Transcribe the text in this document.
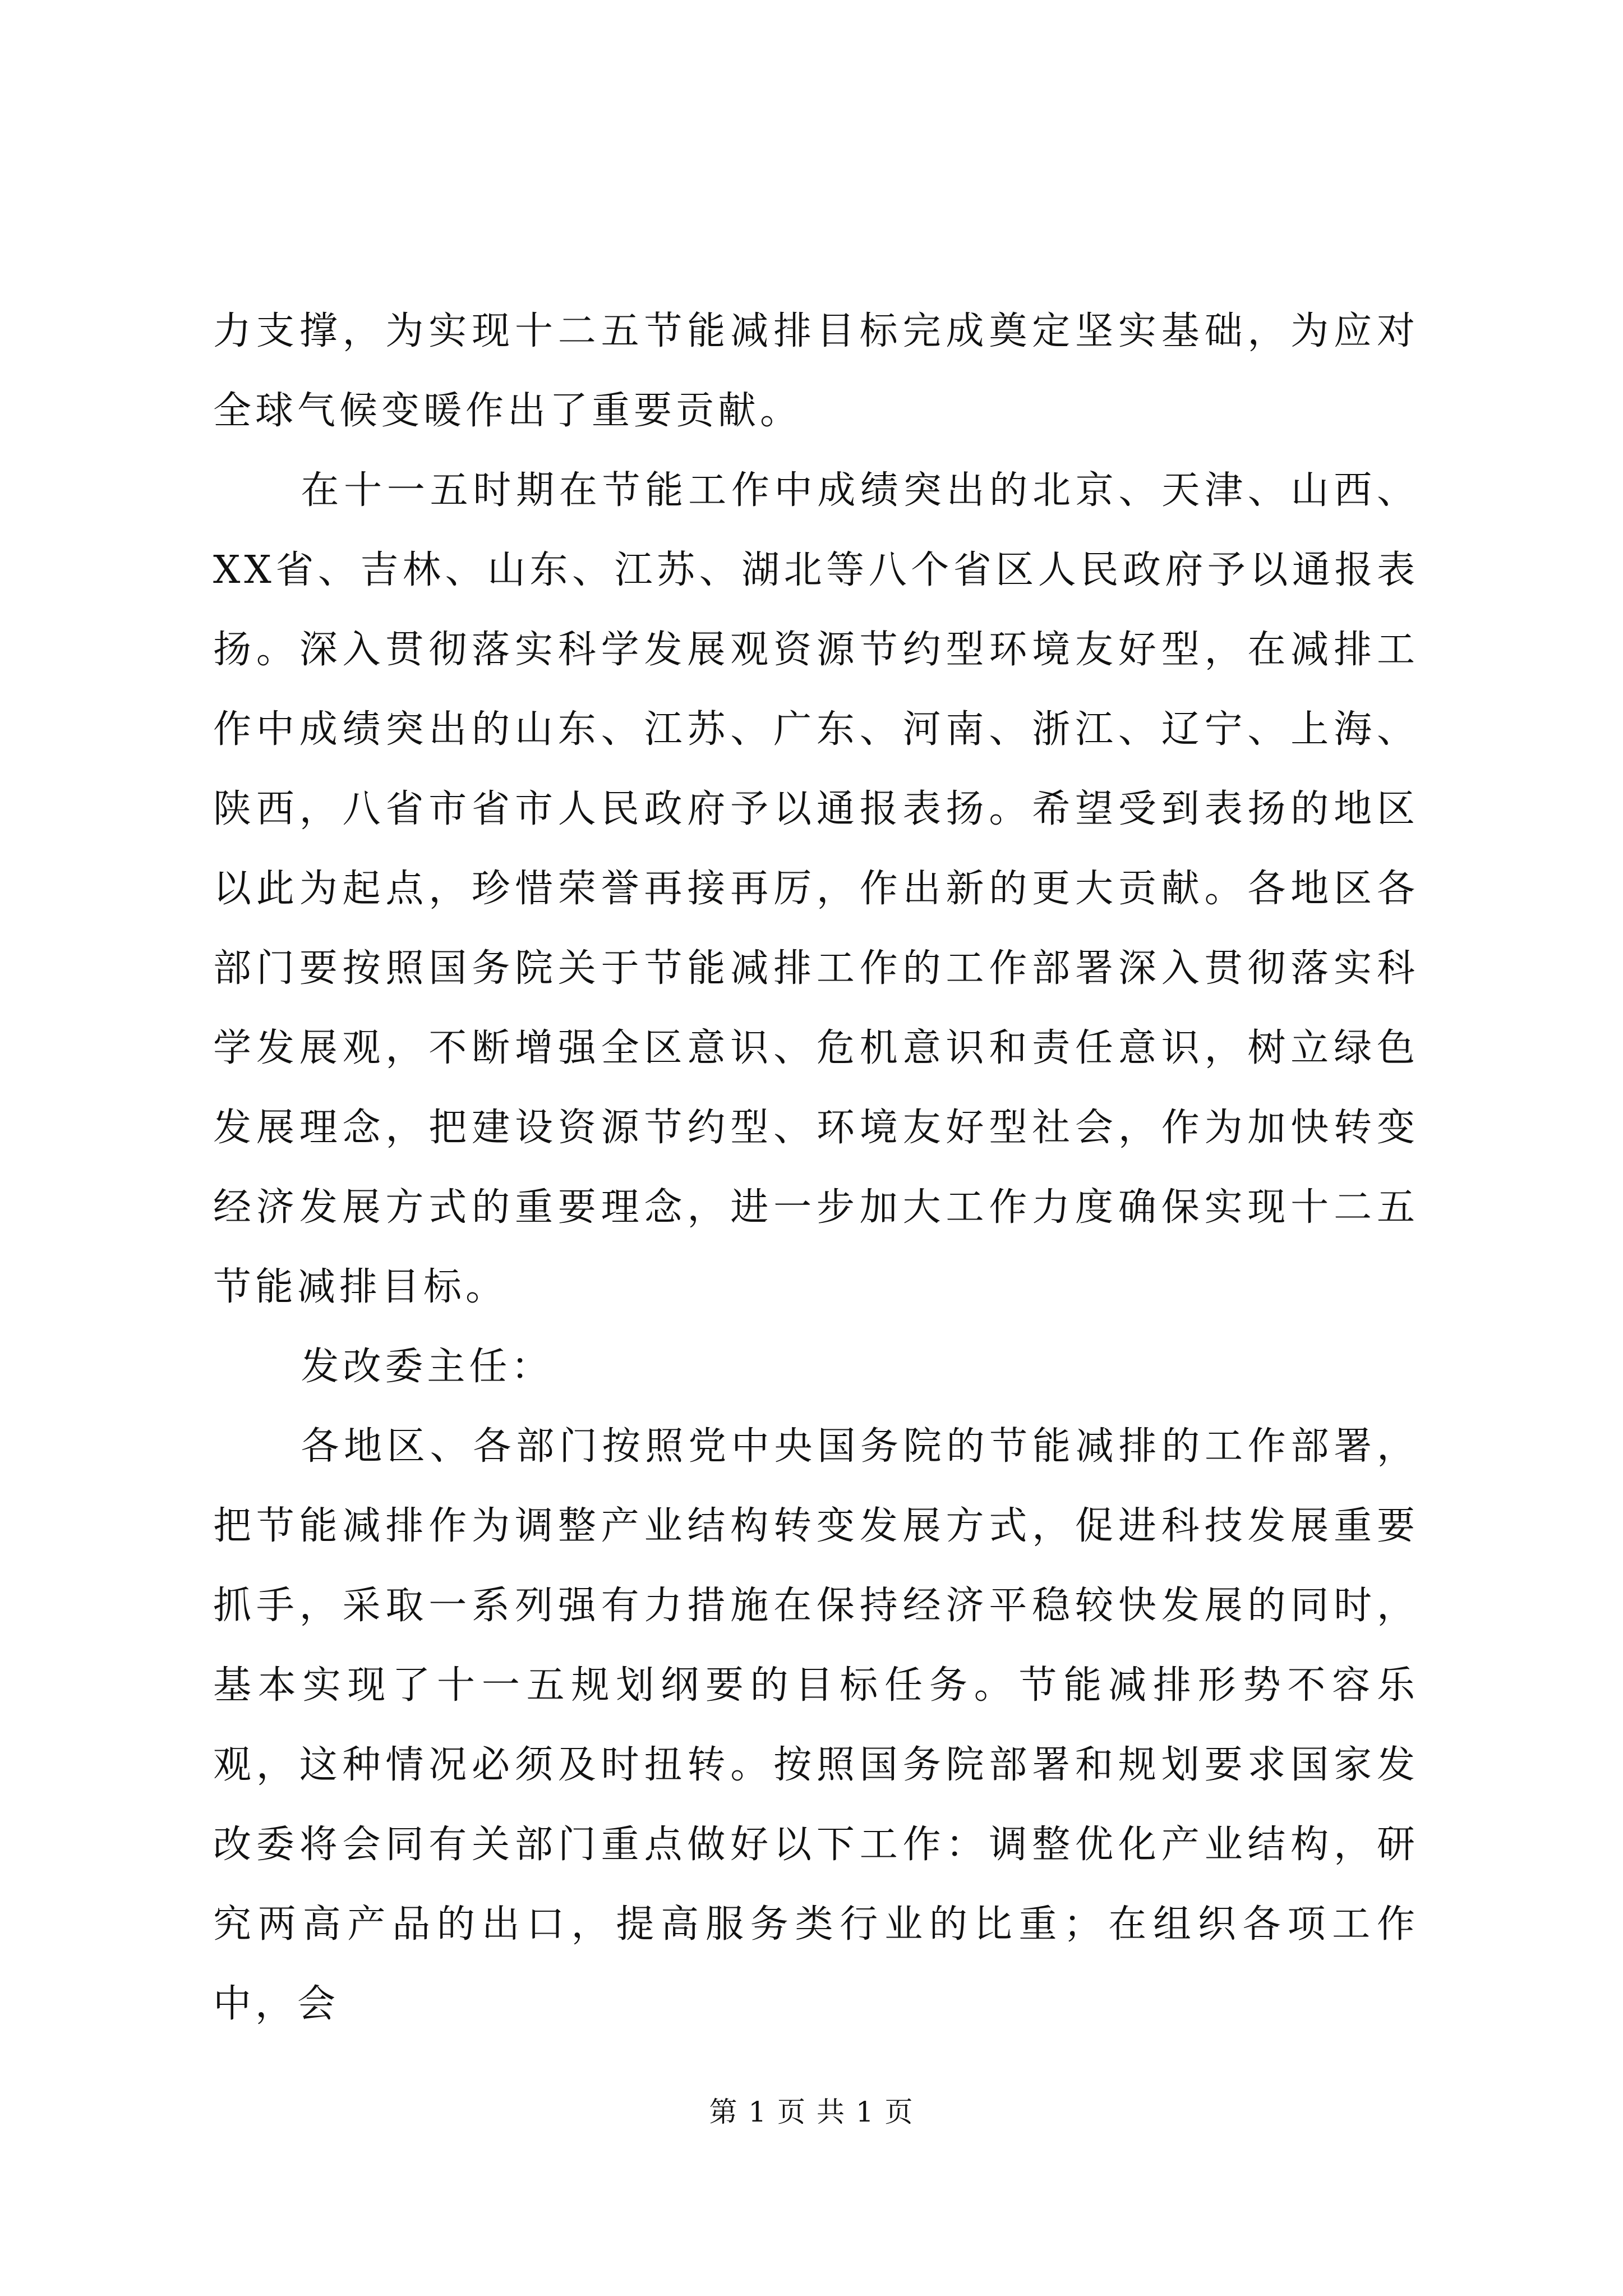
力支撑，为实现十二五节能减排目标完成奠定坚实基础，为应对全球气候变暖作出了重要贡献。

在十一五时期在节能工作中成绩突出的北京、天津、山西、XX省、吉林、山东、江苏、湖北等八个省区人民政府予以通报表扬。深入贯彻落实科学发展观资源节约型环境友好型，在减排工作中成绩突出的山东、江苏、广东、河南、浙江、辽宁、上海、陕西，八省市省市人民政府予以通报表扬。希望受到表扬的地区以此为起点，珍惜荣誉再接再厉，作出新的更大贡献。各地区各部门要按照国务院关于节能减排工作的工作部署深入贯彻落实科学发展观，不断增强全区意识、危机意识和责任意识，树立绿色发展理念，把建设资源节约型、环境友好型社会，作为加快转变经济发展方式的重要理念，进一步加大工作力度确保实现十二五节能减排目标。

发改委主任：

各地区、各部门按照党中央国务院的节能减排的工作部署，把节能减排作为调整产业结构转变发展方式，促进科技发展重要抓手，采取一系列强有力措施在保持经济平稳较快发展的同时，基本实现了十一五规划纲要的目标任务。节能减排形势不容乐观，这种情况必须及时扭转。按照国务院部署和规划要求国家发改委将会同有关部门重点做好以下工作：调整优化产业结构，研究两高产品的出口，提高服务类行业的比重；在组织各项工作中，会

第 1 页 共 1 页
